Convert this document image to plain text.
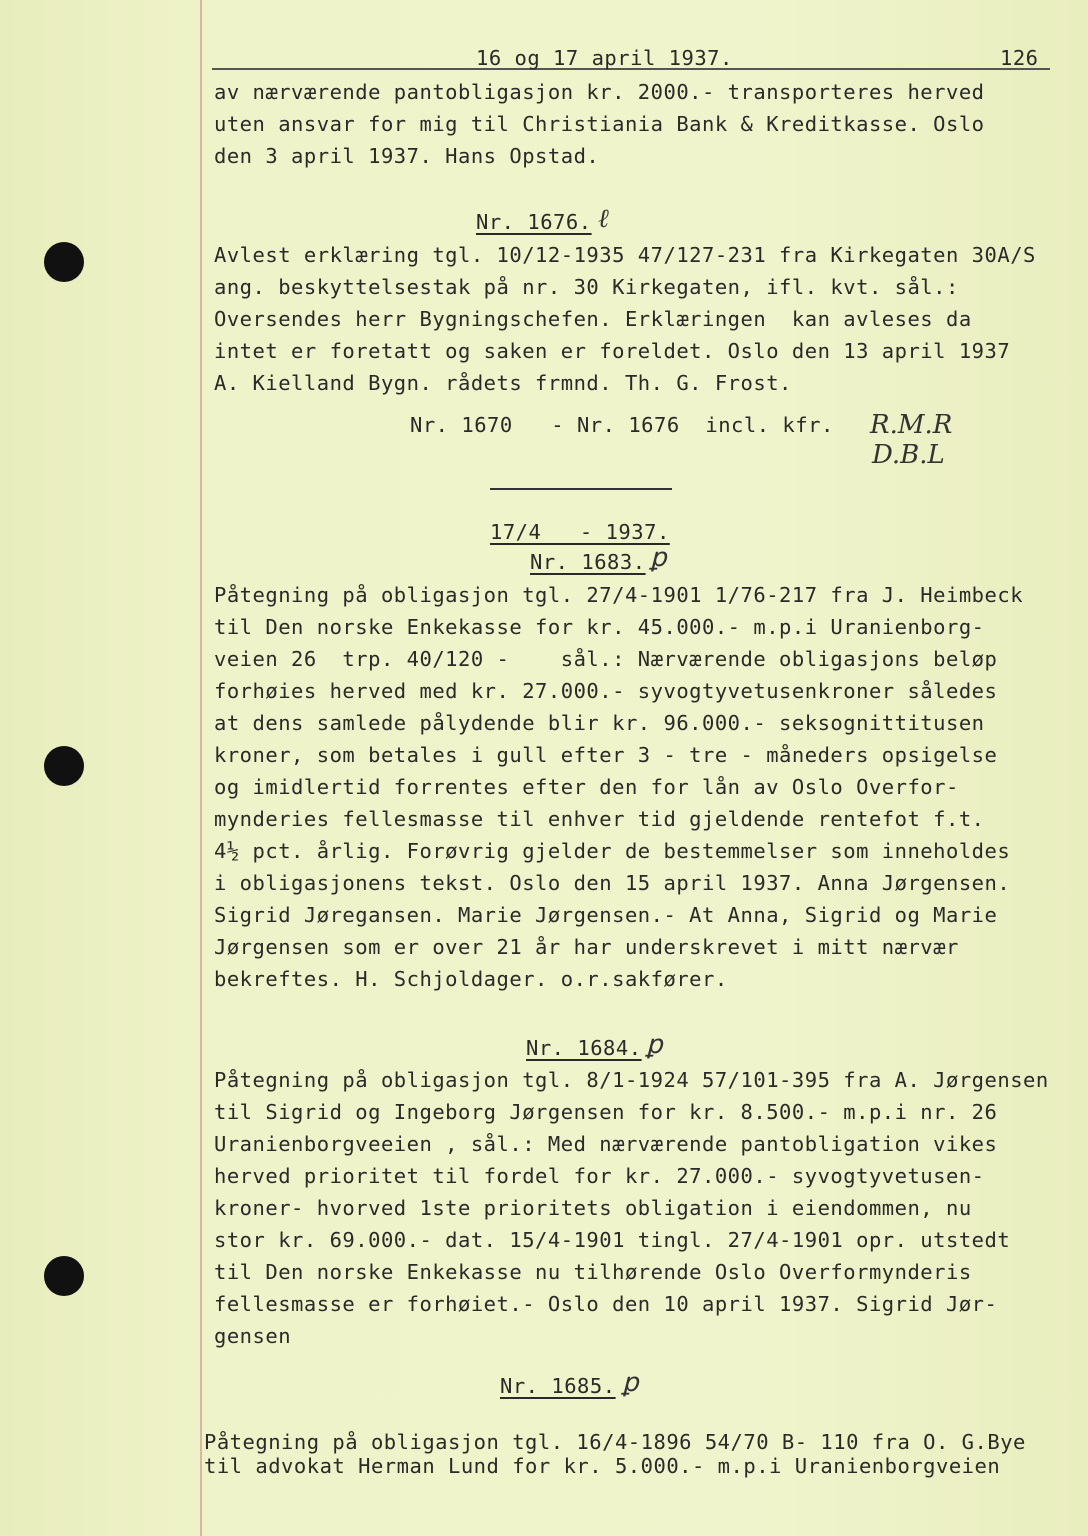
16 og 17 april 1937.	126
av nærværende pantobligasjon kr. 2000.- transporteres herved
uten ansvar for mig til Christiania Bank & Kreditkasse. Oslo
den 3 april 1937. Hans Opstad.
Nr. 1676. ℓ
Avlest erklæring tgl. 10/12-1935 47/127-231 fra Kirkegaten 30A/S
ang. beskyttelsestak på nr. 30 Kirkegaten, ifl. kvt. sål.:
Oversendes herr Bygningschefen. Erklæringen  kan avleses da
intet er foretatt og saken er foreldet. Oslo den 13 april 1937
A. Kielland Bygn. rådets frmnd. Th. G. Frost.
Nr. 1670   - Nr. 1676  incl. kfr. R.M.R
D.B.L
17/4   - 1937.
Nr. 1683. ꝑ
Påtegning på obligasjon tgl. 27/4-1901 1/76-217 fra J. Heimbeck
til Den norske Enkekasse for kr. 45.000.- m.p.i Uranienborg-
veien 26  trp. 40/120 -    sål.: Nærværende obligasjons beløp
forhøies herved med kr. 27.000.- syvogtyvetusenkroner således
at dens samlede pålydende blir kr. 96.000.- seksognittitusen
kroner, som betales i gull efter 3 - tre - måneders opsigelse
og imidlertid forrentes efter den for lån av Oslo Overfor-
mynderies fellesmasse til enhver tid gjeldende rentefot f.t.
4½ pct. årlig. Forøvrig gjelder de bestemmelser som inneholdes
i obligasjonens tekst. Oslo den 15 april 1937. Anna Jørgensen.
Sigrid Jøregansen. Marie Jørgensen.- At Anna, Sigrid og Marie
Jørgensen som er over 21 år har underskrevet i mitt nærvær
bekreftes. H. Schjoldager. o.r.sakfører.
Nr. 1684. ꝑ
Påtegning på obligasjon tgl. 8/1-1924 57/101-395 fra A. Jørgensen
til Sigrid og Ingeborg Jørgensen for kr. 8.500.- m.p.i nr. 26
Uranienborgveeien , sål.: Med nærværende pantobligation vikes
herved prioritet til fordel for kr. 27.000.- syvogtyvetusen-
kroner- hvorved 1ste prioritets obligation i eiendommen, nu
stor kr. 69.000.- dat. 15/4-1901 tingl. 27/4-1901 opr. utstedt
til Den norske Enkekasse nu tilhørende Oslo Overformynderis
fellesmasse er forhøiet.- Oslo den 10 april 1937. Sigrid Jør-
gensen
Nr. 1685. ꝑ
Påtegning på obligasjon tgl. 16/4-1896 54/70 B- 110 fra O. G.Bye
til advokat Herman Lund for kr. 5.000.- m.p.i Uranienborgveien
